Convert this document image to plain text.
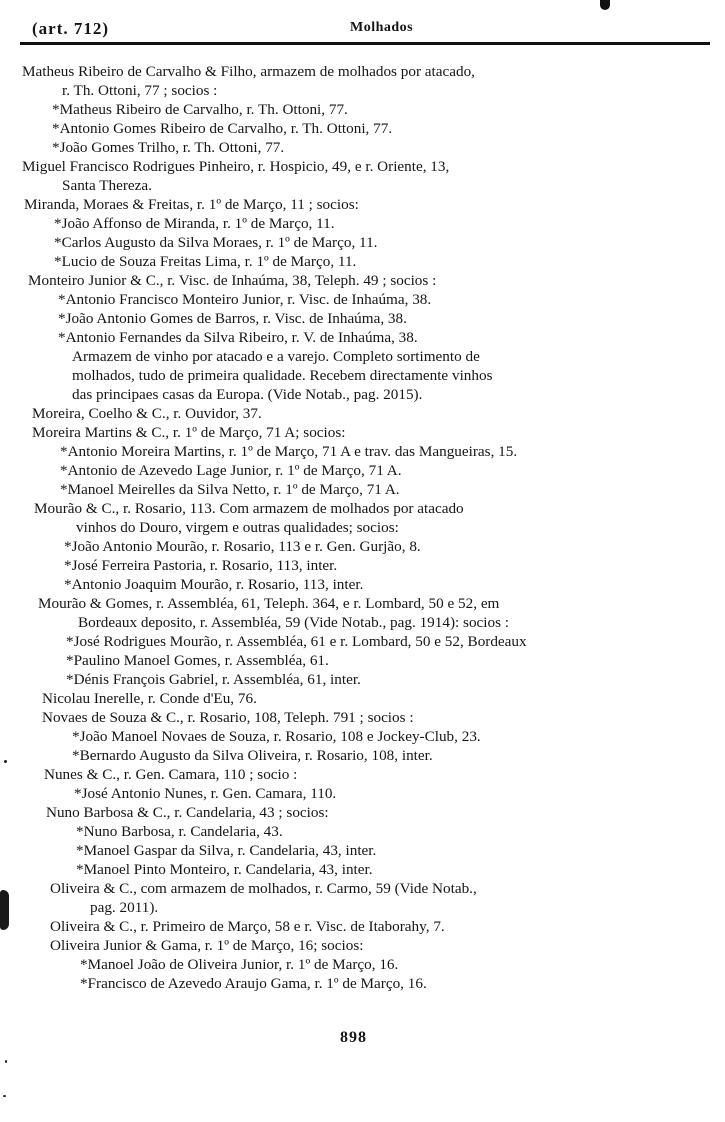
(art. 712)	Molhados
Matheus Ribeiro de Carvalho & Filho, armazem de molhados por atacado,
r. Th. Ottoni, 77 ; socios :
*Matheus Ribeiro de Carvalho, r. Th. Ottoni, 77.
*Antonio Gomes Ribeiro de Carvalho, r. Th. Ottoni, 77.
*João Gomes Trilho, r. Th. Ottoni, 77.
Miguel Francisco Rodrigues Pinheiro, r. Hospicio, 49, e r. Oriente, 13,
Santa Thereza.
Miranda, Moraes & Freitas, r. 1º de Março, 11 ; socios:
*João Affonso de Miranda, r. 1º de Março, 11.
*Carlos Augusto da Silva Moraes, r. 1º de Março, 11.
*Lucio de Souza Freitas Lima, r. 1º de Março, 11.
Monteiro Junior & C., r. Visc. de Inhaúma, 38, Teleph. 49 ; socios :
*Antonio Francisco Monteiro Junior, r. Visc. de Inhaúma, 38.
*João Antonio Gomes de Barros, r. Visc. de Inhaúma, 38.
*Antonio Fernandes da Silva Ribeiro, r. V. de Inhaúma, 38.
Armazem de vinho por atacado e a varejo. Completo sortimento de
molhados, tudo de primeira qualidade. Recebem directamente vinhos
das principaes casas da Europa. (Vide Notab., pag. 2015).
Moreira, Coelho & C., r. Ouvidor, 37.
Moreira Martins & C., r. 1º de Março, 71 A; socios:
*Antonio Moreira Martins, r. 1º de Março, 71 A e trav. das Mangueiras, 15.
*Antonio de Azevedo Lage Junior, r. 1º de Março, 71 A.
*Manoel Meirelles da Silva Netto, r. 1º de Março, 71 A.
Mourão & C., r. Rosario, 113. Com armazem de molhados por atacado
vinhos do Douro, virgem e outras qualidades; socios:
*João Antonio Mourão, r. Rosario, 113 e r. Gen. Gurjão, 8.
*José Ferreira Pastoria, r. Rosario, 113, inter.
*Antonio Joaquim Mourão, r. Rosario, 113, inter.
Mourão & Gomes, r. Assembléa, 61, Teleph. 364, e r. Lombard, 50 e 52, em
Bordeaux deposito, r. Assembléa, 59 (Vide Notab., pag. 1914): socios :
*José Rodrigues Mourão, r. Assembléa, 61 e r. Lombard, 50 e 52, Bordeaux
*Paulino Manoel Gomes, r. Assembléa, 61.
*Dénis François Gabriel, r. Assembléa, 61, inter.
Nicolau Inerelle, r. Conde d'Eu, 76.
Novaes de Souza & C., r. Rosario, 108, Teleph. 791 ; socios :
*João Manoel Novaes de Souza, r. Rosario, 108 e Jockey-Club, 23.
*Bernardo Augusto da Silva Oliveira, r. Rosario, 108, inter.
Nunes & C., r. Gen. Camara, 110 ; socio :
*José Antonio Nunes, r. Gen. Camara, 110.
Nuno Barbosa & C., r. Candelaria, 43 ; socios:
*Nuno Barbosa, r. Candelaria, 43.
*Manoel Gaspar da Silva, r. Candelaria, 43, inter.
*Manoel Pinto Monteiro, r. Candelaria, 43, inter.
Oliveira & C., com armazem de molhados, r. Carmo, 59 (Vide Notab.,
pag. 2011).
Oliveira & C., r. Primeiro de Março, 58 e r. Visc. de Itaborahy, 7.
Oliveira Junior & Gama, r. 1º de Março, 16; socios:
*Manoel João de Oliveira Junior, r. 1º de Março, 16.
*Francisco de Azevedo Araujo Gama, r. 1º de Março, 16.
898
